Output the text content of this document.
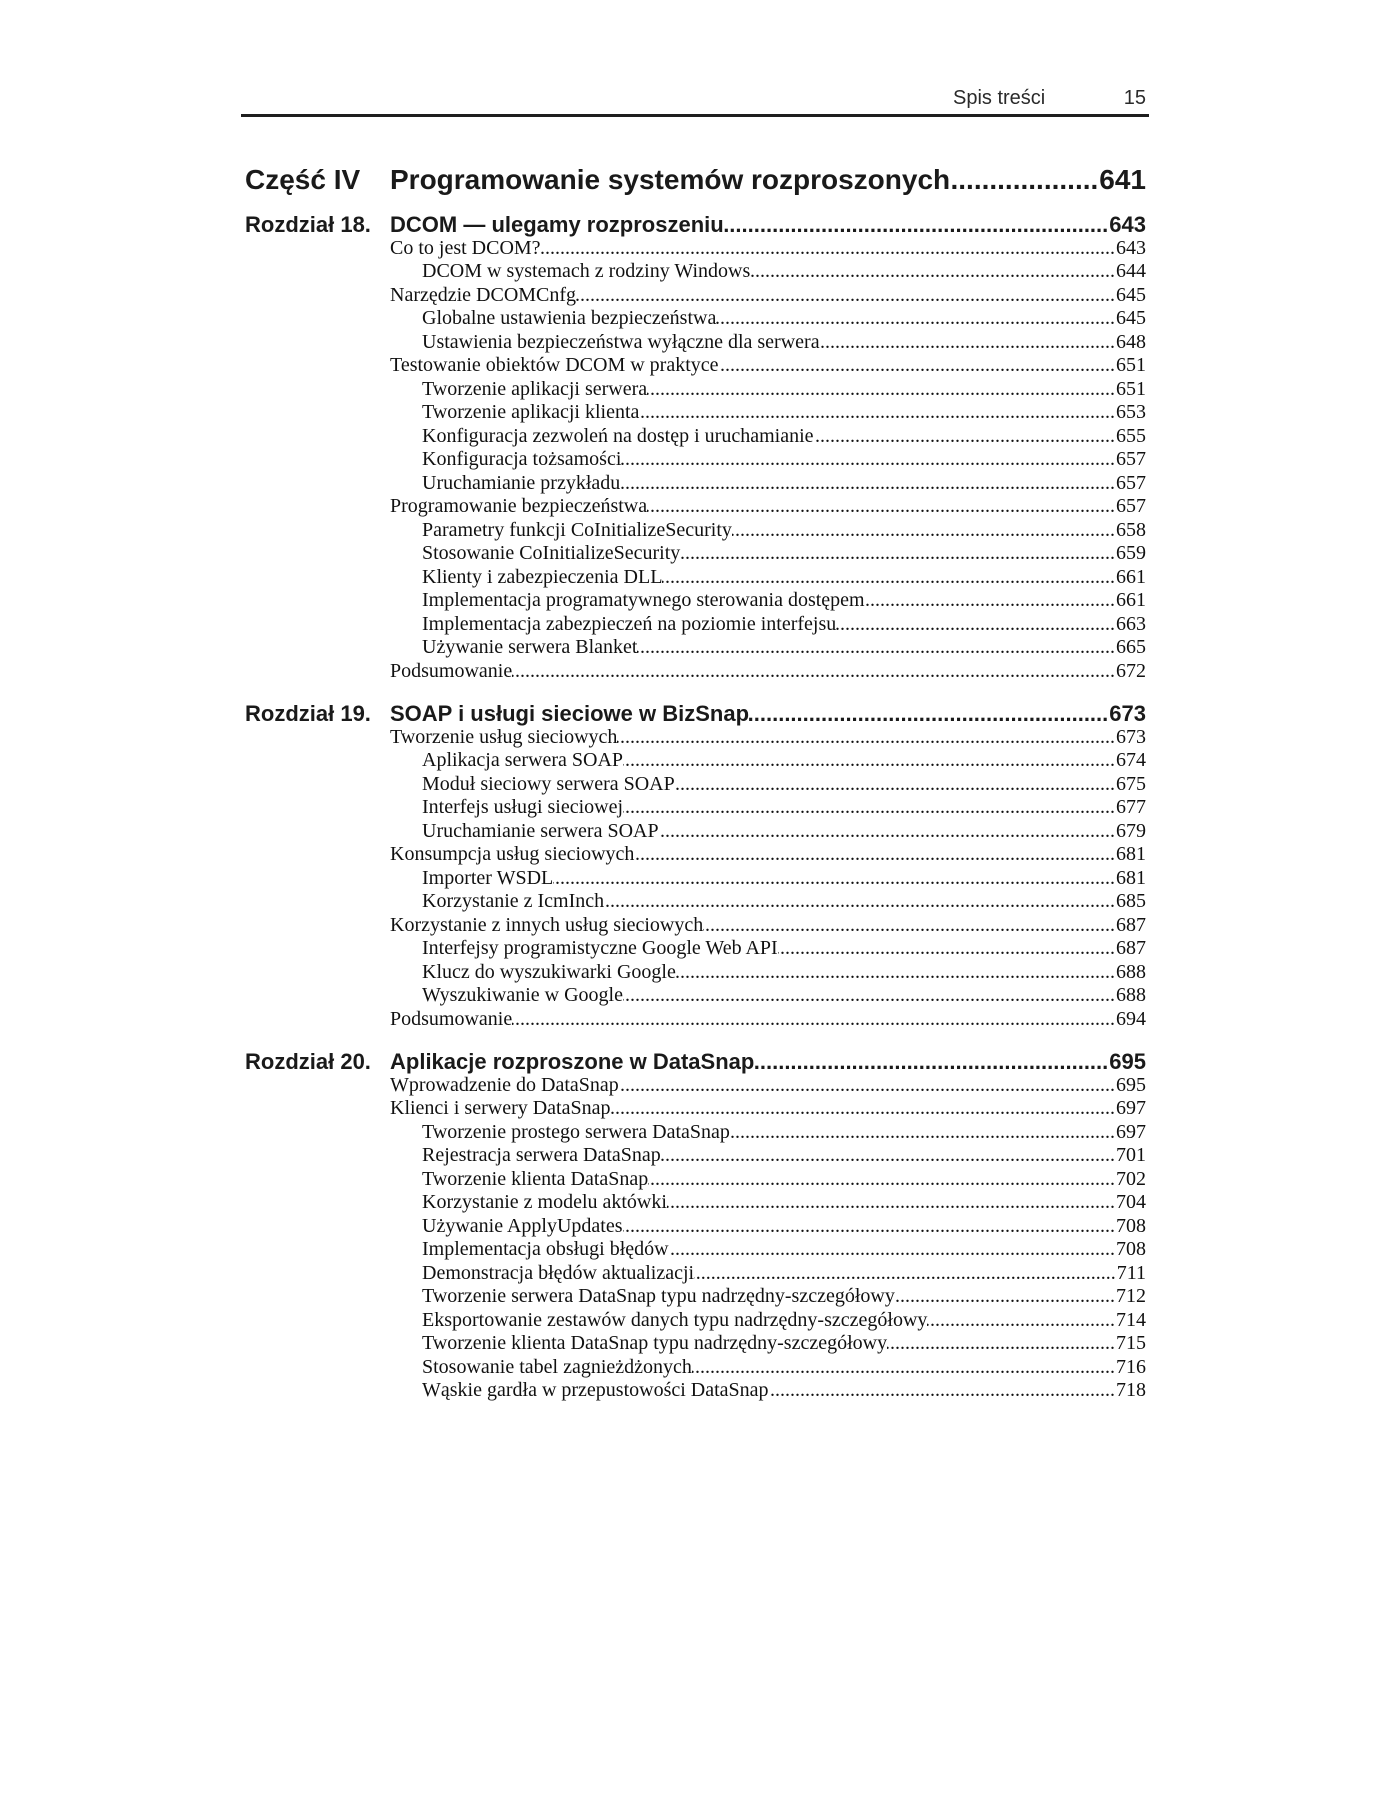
Spis treści	15
Część IV	Programowanie systemów rozproszonych .....	641
Rozdział 18. DCOM — ulegamy rozproszeniu .....	643
Co to jest DCOM? .....	643
DCOM w systemach z rodziny Windows .....	644
Narzędzie DCOMCnfg .....	645
Globalne ustawienia bezpieczeństwa .....	645
Ustawienia bezpieczeństwa wyłączne dla serwera .....	648
Testowanie obiektów DCOM w praktyce .....	651
Tworzenie aplikacji serwera .....	651
Tworzenie aplikacji klienta .....	653
Konfiguracja zezwoleń na dostęp i uruchamianie .....	655
Konfiguracja tożsamości .....	657
Uruchamianie przykładu .....	657
Programowanie bezpieczeństwa .....	657
Parametry funkcji CoInitializeSecurity .....	658
Stosowanie CoInitializeSecurity .....	659
Klienty i zabezpieczenia DLL .....	661
Implementacja programatywnego sterowania dostępem .....	661
Implementacja zabezpieczeń na poziomie interfejsu .....	663
Używanie serwera Blanket .....	665
Podsumowanie .....	672
Rozdział 19. SOAP i usługi sieciowe w BizSnap .....	673
Tworzenie usług sieciowych .....	673
Aplikacja serwera SOAP .....	674
Moduł sieciowy serwera SOAP .....	675
Interfejs usługi sieciowej .....	677
Uruchamianie serwera SOAP .....	679
Konsumpcja usług sieciowych .....	681
Importer WSDL .....	681
Korzystanie z IcmInch .....	685
Korzystanie z innych usług sieciowych .....	687
Interfejsy programistyczne Google Web API .....	687
Klucz do wyszukiwarki Google .....	688
Wyszukiwanie w Google .....	688
Podsumowanie .....	694
Rozdział 20. Aplikacje rozproszone w DataSnap .....	695
Wprowadzenie do DataSnap .....	695
Klienci i serwery DataSnap .....	697
Tworzenie prostego serwera DataSnap .....	697
Rejestracja serwera DataSnap .....	701
Tworzenie klienta DataSnap .....	702
Korzystanie z modelu aktówki .....	704
Używanie ApplyUpdates .....	708
Implementacja obsługi błędów .....	708
Demonstracja błędów aktualizacji .....	711
Tworzenie serwera DataSnap typu nadrzędny-szczegółowy .....	712
Eksportowanie zestawów danych typu nadrzędny-szczegółowy .....	714
Tworzenie klienta DataSnap typu nadrzędny-szczegółowy .....	715
Stosowanie tabel zagnieżdżonych .....	716
Wąskie gardła w przepustowości DataSnap .....	718
